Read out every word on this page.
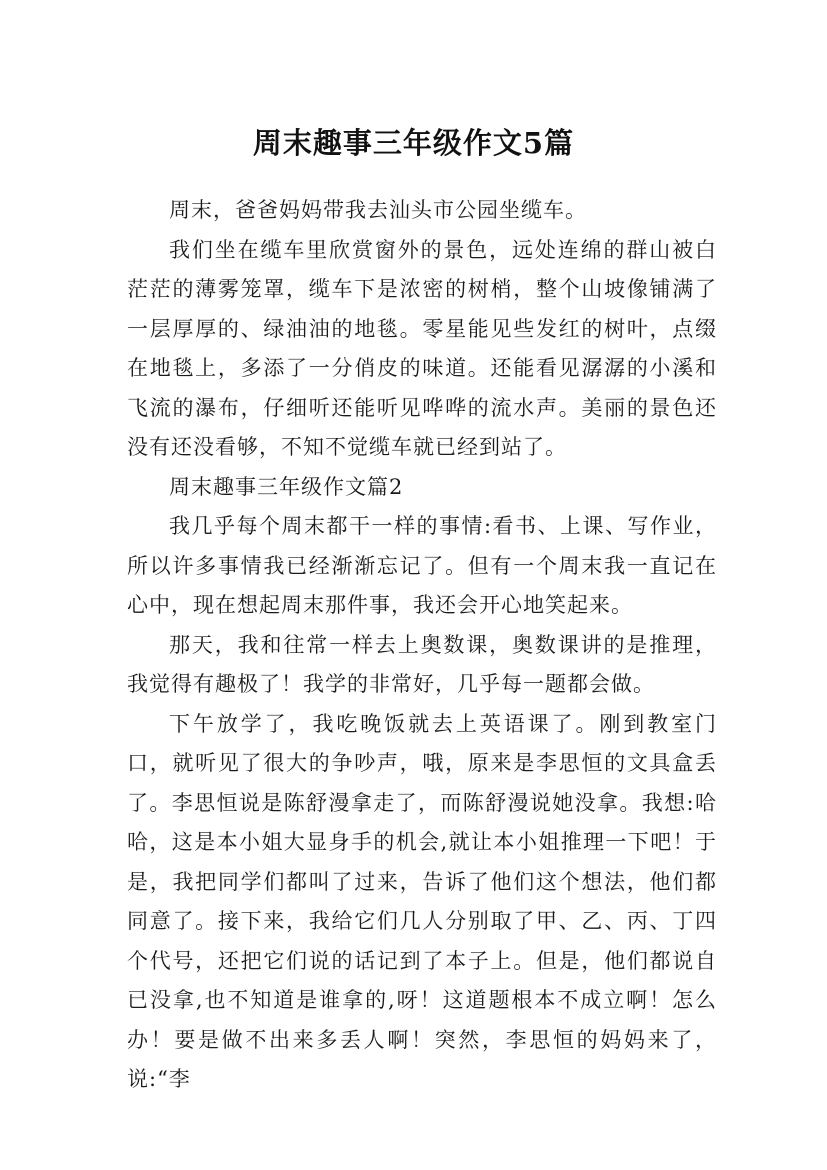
周末趣事三年级作文5篇

周末，爸爸妈妈带我去汕头市公园坐缆车。

我们坐在缆车里欣赏窗外的景色，远处连绵的群山被白茫茫的薄雾笼罩，缆车下是浓密的树梢，整个山坡像铺满了一层厚厚的、绿油油的地毯。零星能见些发红的树叶，点缀在地毯上，多添了一分俏皮的味道。还能看见潺潺的小溪和飞流的瀑布，仔细听还能听见哗哗的流水声。美丽的景色还没有还没看够，不知不觉缆车就已经到站了。

周末趣事三年级作文篇2

我几乎每个周末都干一样的事情:看书、上课、写作业，所以许多事情我已经渐渐忘记了。但有一个周末我一直记在心中，现在想起周末那件事，我还会开心地笑起来。

那天，我和往常一样去上奥数课，奥数课讲的是推理，我觉得有趣极了！我学的非常好，几乎每一题都会做。

下午放学了，我吃晚饭就去上英语课了。刚到教室门口，就听见了很大的争吵声，哦，原来是李思恒的文具盒丢了。李思恒说是陈舒漫拿走了，而陈舒漫说她没拿。我想:哈哈，这是本小姐大显身手的机会,就让本小姐推理一下吧！于是，我把同学们都叫了过来，告诉了他们这个想法，他们都同意了。接下来，我给它们几人分别取了甲、乙、丙、丁四个代号，还把它们说的话记到了本子上。但是，他们都说自已没拿,也不知道是谁拿的,呀！这道题根本不成立啊！怎么办！要是做不出来多丢人啊！突然，李思恒的妈妈来了，说:“李
